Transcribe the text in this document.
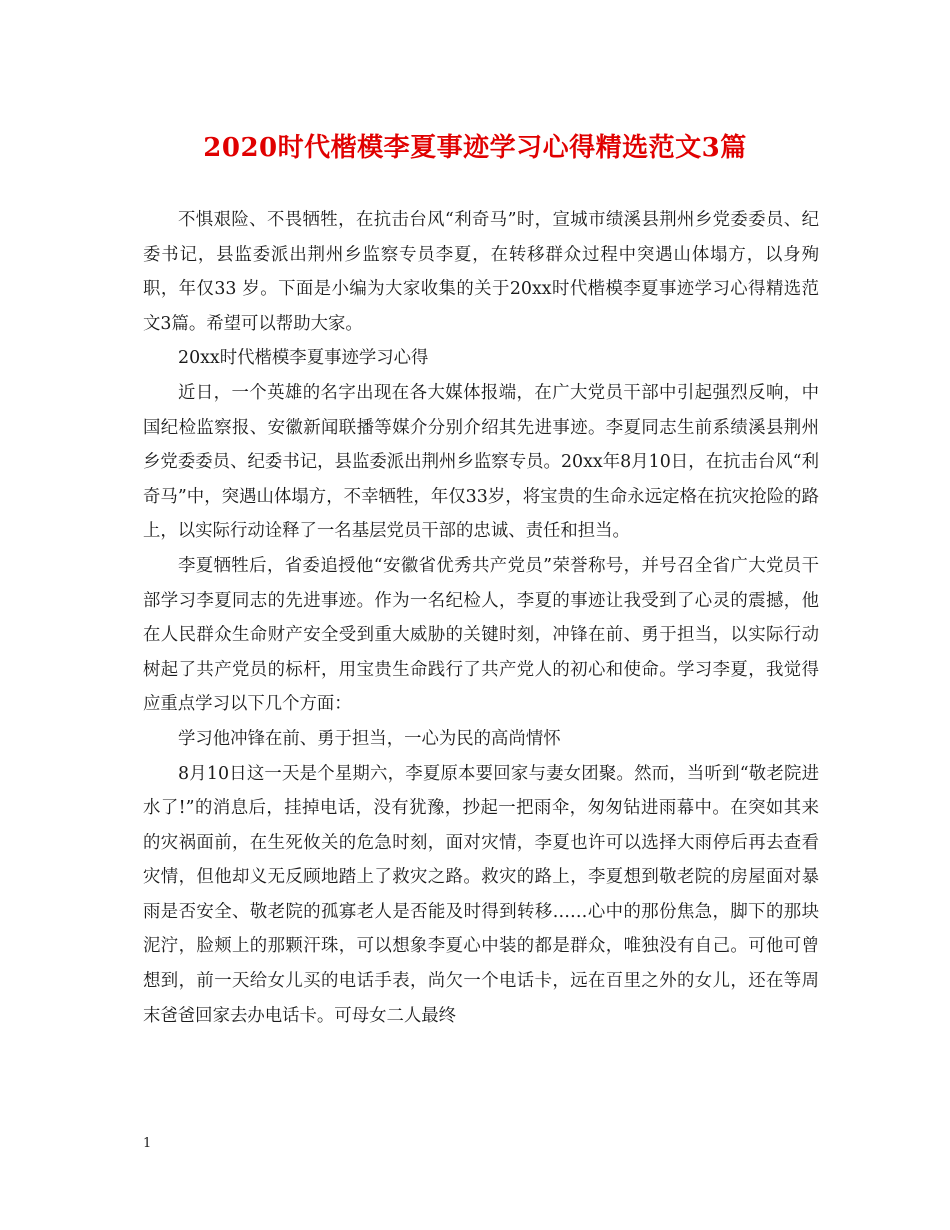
2020时代楷模李夏事迹学习心得精选范文3篇

不惧艰险、不畏牺牲，在抗击台风“利奇马”时，宣城市绩溪县荆州乡党委委员、纪委书记，县监委派出荆州乡监察专员李夏，在转移群众过程中突遇山体塌方，以身殉职，年仅33 岁。下面是小编为大家收集的关于20xx时代楷模李夏事迹学习心得精选范文3篇。希望可以帮助大家。

20xx时代楷模李夏事迹学习心得

近日，一个英雄的名字出现在各大媒体报端，在广大党员干部中引起强烈反响，中国纪检监察报、安徽新闻联播等媒介分别介绍其先进事迹。李夏同志生前系绩溪县荆州乡党委委员、纪委书记，县监委派出荆州乡监察专员。20xx年8月10日，在抗击台风“利奇马”中，突遇山体塌方，不幸牺牲，年仅33岁，将宝贵的生命永远定格在抗灾抢险的路上，以实际行动诠释了一名基层党员干部的忠诚、责任和担当。

李夏牺牲后，省委追授他“安徽省优秀共产党员”荣誉称号，并号召全省广大党员干部学习李夏同志的先进事迹。作为一名纪检人，李夏的事迹让我受到了心灵的震撼，他在人民群众生命财产安全受到重大威胁的关键时刻，冲锋在前、勇于担当，以实际行动树起了共产党员的标杆，用宝贵生命践行了共产党人的初心和使命。学习李夏，我觉得应重点学习以下几个方面：

学习他冲锋在前、勇于担当，一心为民的高尚情怀

8月10日这一天是个星期六，李夏原本要回家与妻女团聚。然而，当听到“敬老院进水了!”的消息后，挂掉电话，没有犹豫，抄起一把雨伞，匆匆钻进雨幕中。在突如其来的灾祸面前，在生死攸关的危急时刻，面对灾情，李夏也许可以选择大雨停后再去查看灾情，但他却义无反顾地踏上了救灾之路。救灾的路上，李夏想到敬老院的房屋面对暴雨是否安全、敬老院的孤寡老人是否能及时得到转移……心中的那份焦急，脚下的那块泥泞，脸颊上的那颗汗珠，可以想象李夏心中装的都是群众，唯独没有自己。可他可曾想到，前一天给女儿买的电话手表，尚欠一个电话卡，远在百里之外的女儿，还在等周末爸爸回家去办电话卡。可母女二人最终

1
